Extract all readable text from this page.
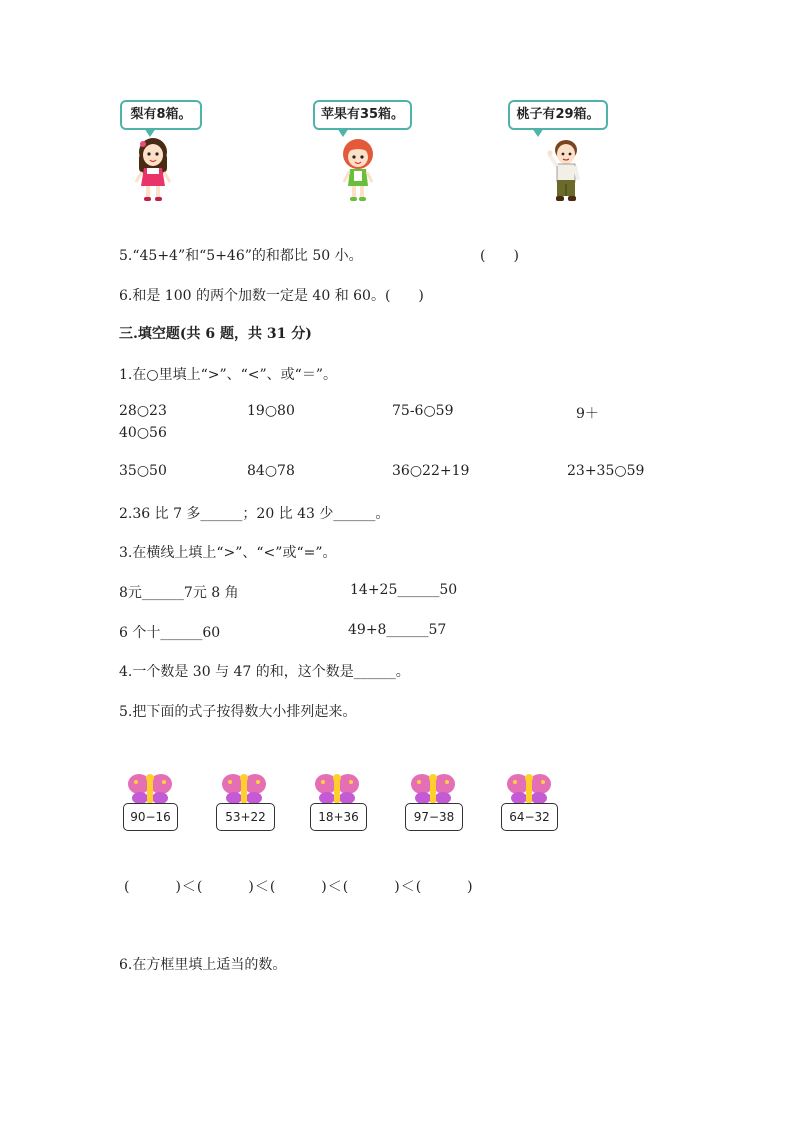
梨有8箱。	苹果有35箱。	桃子有29箱。
5.“45+4”和“5+46”的和都比 50 小。	(　　)
6.和是 100 的两个加数一定是 40 和 60。(　　)
三.填空题(共 6 题，共 31 分)
1.在○里填上“>”、“<”、或“＝”。
28○23	19○80	75-6○59	9＋
40○56
35○50	84○78	36○22+19	23+35○59
2.36 比 7 多______；20 比 43 少______。
3.在横线上填上“>”、“<”或“=”。
8元______7元 8 角	14+25______50
6 个十______60	49+8______57
4.一个数是 30 与 47 的和，这个数是______。
5.把下面的式子按得数大小排列起来。
90−16	53+22	18+36	97−38	64−32
(　　　)＜(　　　)＜(　　　)＜(　　　)＜(　　　)
6.在方框里填上适当的数。
